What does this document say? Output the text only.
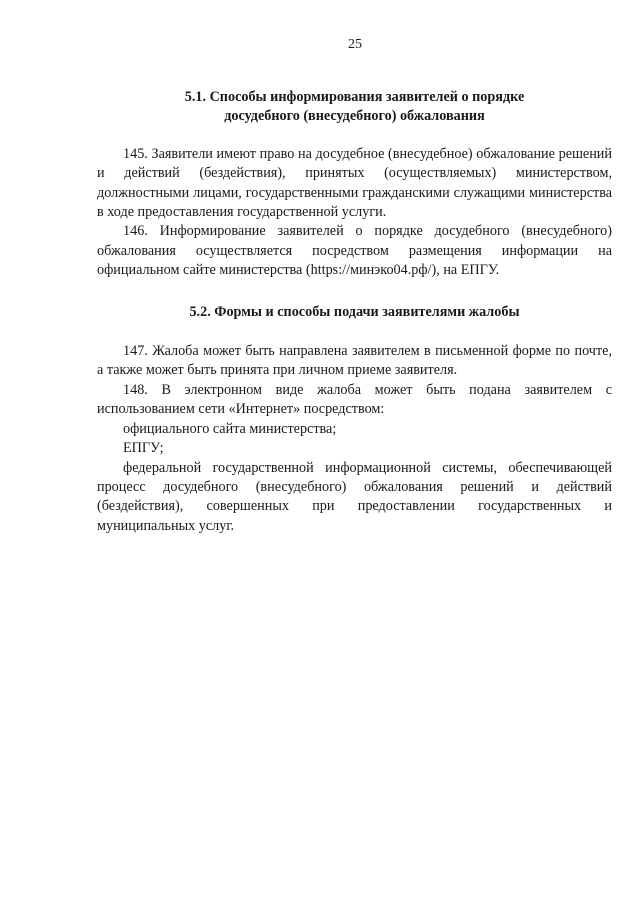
25
5.1. Способы информирования заявителей о порядке
досудебного (внесудебного) обжалования

145. Заявители имеют право на досудебное (внесудебное) обжалование решений и действий (бездействия), принятых (осуществляемых) министерством, должностными лицами, государственными гражданскими служащими министерства в ходе предоставления государственной услуги.

146. Информирование заявителей о порядке досудебного (внесудебного) обжалования осуществляется посредством размещения информации на официальном сайте министерства (https://минэко04.рф/), на ЕПГУ.

5.2. Формы и способы подачи заявителями жалобы

147. Жалоба может быть направлена заявителем в письменной форме по почте, а также может быть принята при личном приеме заявителя.

148. В электронном виде жалоба может быть подана заявителем с использованием сети «Интернет» посредством:

официального сайта министерства;

ЕПГУ;

федеральной государственной информационной системы, обеспечивающей процесс досудебного (внесудебного) обжалования решений и действий (бездействия), совершенных при предоставлении государственных и муниципальных услуг.
